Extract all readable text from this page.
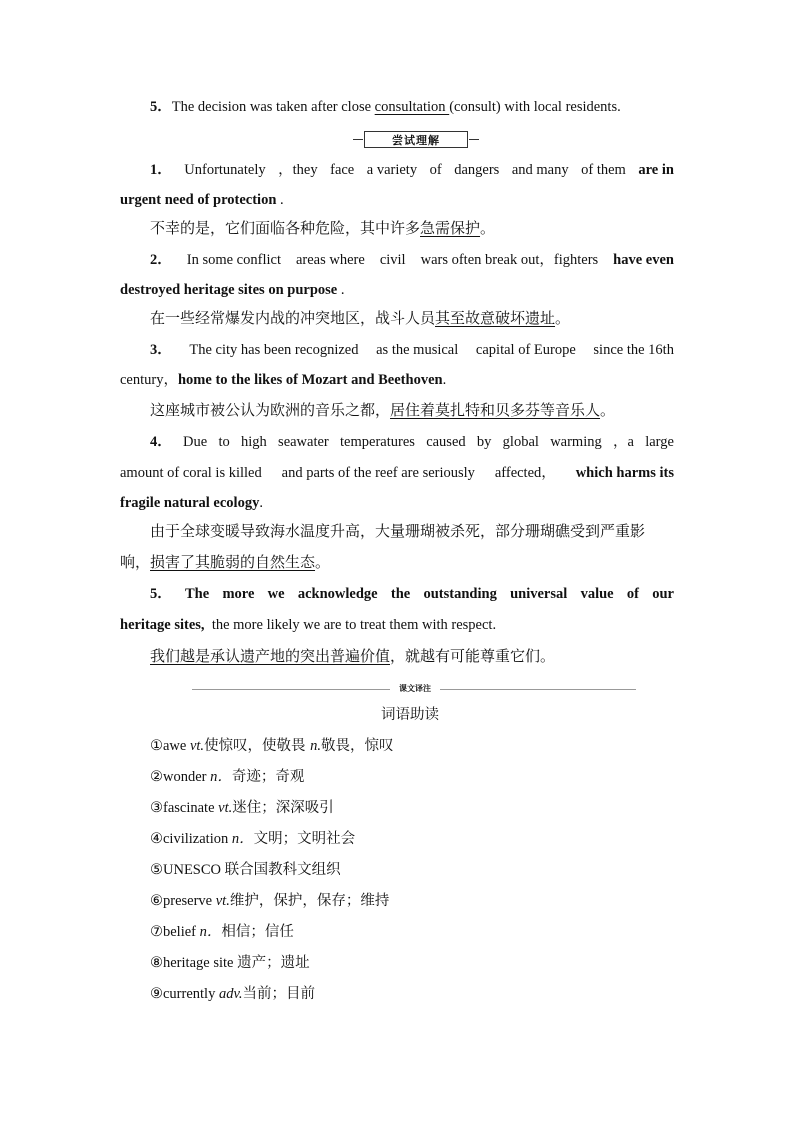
5．The decision was taken after close consultation (consult) with local residents.
尝试理解
1． Unfortunately ，they face a variety of dangers and many of them are in
urgent need of protection .
不幸的是，它们面临各种危险，其中许多急需保护。
2． In some conflict areas where civil wars often break out，fighters have even
destroyed heritage sites on purpose .
在一些经常爆发内战的冲突地区，战斗人员其至故意破坏遗址。
3． The city has been recognized as the musical capital of Europe since the 16th
century，home to the likes of Mozart and Beethoven.
这座城市被公认为欧洲的音乐之都，居住着莫扎特和贝多芬等音乐人。
4． Due to high seawater temperatures caused by global warming ，a large
amount of coral is killed and parts of the reef are seriously affected， which harms its
fragile natural ecology.
由于全球变暖导致海水温度升高，大量珊瑚被杀死，部分珊瑚礁受到严重影
响，损害了其脆弱的自然生态。
5． The more we acknowledge the outstanding universal value of our
heritage sites, the more likely we are to treat them with respect.
我们越是承认遗产地的突出普遍价值，就越有可能尊重它们。
课文译注
词语助读
①awe vt.使惊叹，使敬畏 n.敬畏，惊叹
②wonder n．奇迹；奇观
③fascinate vt.迷住；深深吸引
④civilization n．文明；文明社会
⑤UNESCO 联合国教科文组织
⑥preserve vt.维护，保护，保存；维持
⑦belief n．相信；信任
⑧heritage site 遗产；遗址
⑨currently adv.当前；目前
